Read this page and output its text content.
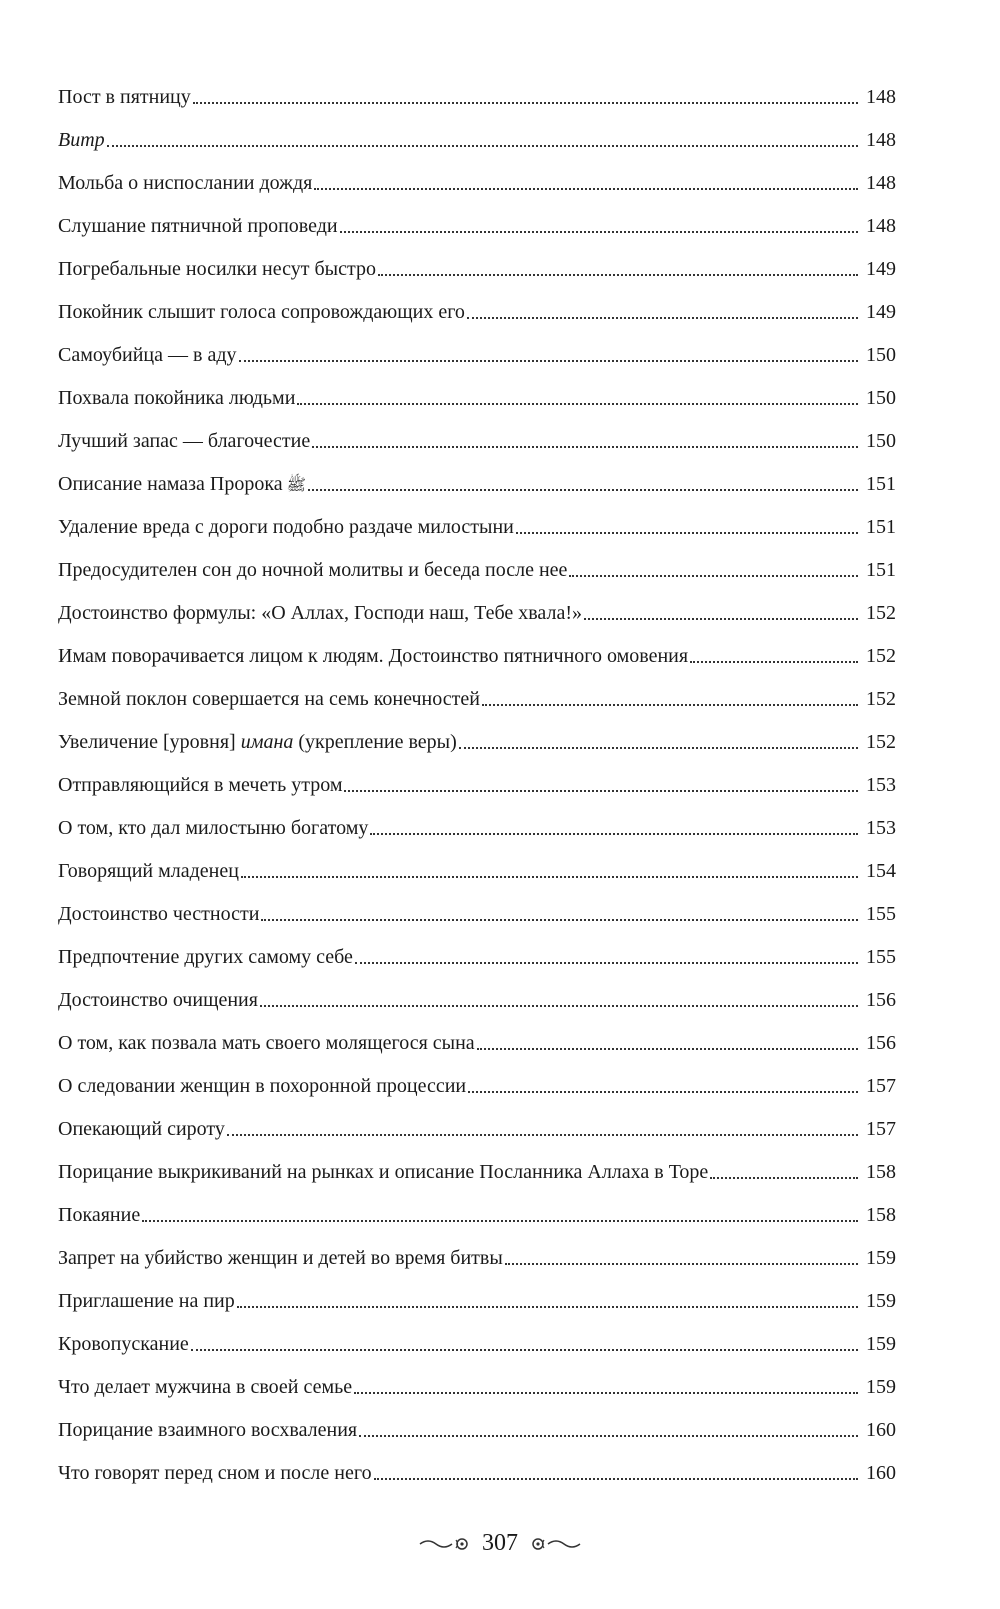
Пост в пятницу	148
Витр	148
Мольба о ниспослании дождя	148
Слушание пятничной проповеди	148
Погребальные носилки несут быстро	149
Покойник слышит голоса сопровождающих его	149
Самоубийца — в аду	150
Похвала покойника людьми	150
Лучший запас — благочестие	150
Описание намаза Пророка ﷺ	151
Удаление вреда с дороги подобно раздаче милостыни	151
Предосудителен сон до ночной молитвы и беседа после нее	151
Достоинство формулы: «О Аллах, Господи наш, Тебе хвала!»	152
Имам поворачивается лицом к людям. Достоинство пятничного омовения	152
Земной поклон совершается на семь конечностей	152
Увеличение [уровня] имана (укрепление веры)	152
Отправляющийся в мечеть утром	153
О том, кто дал милостыню богатому	153
Говорящий младенец	154
Достоинство честности	155
Предпочтение других самому себе	155
Достоинство очищения	156
О том, как позвала мать своего молящегося сына	156
О следовании женщин в похоронной процессии	157
Опекающий сироту	157
Порицание выкрикиваний на рынках и описание Посланника Аллаха в Торе	158
Покаяние	158
Запрет на убийство женщин и детей во время битвы	159
Приглашение на пир	159
Кровопускание	159
Что делает мужчина в своей семье	159
Порицание взаимного восхваления	160
Что говорят перед сном и после него	160
307
